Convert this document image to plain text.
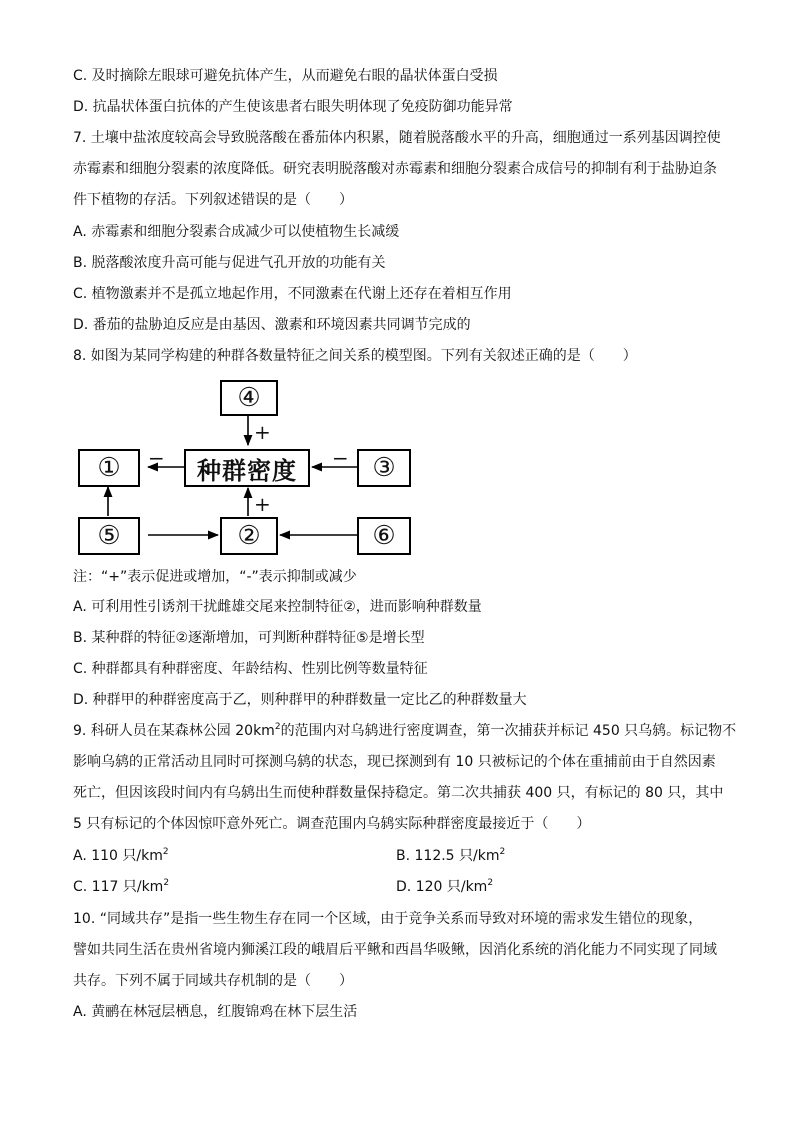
C. 及时摘除左眼球可避免抗体产生，从而避免右眼的晶状体蛋白受损
D. 抗晶状体蛋白抗体的产生使该患者右眼失明体现了免疫防御功能异常
7. 土壤中盐浓度较高会导致脱落酸在番茄体内积累，随着脱落酸水平的升高，细胞通过一系列基因调控使
赤霉素和细胞分裂素的浓度降低。研究表明脱落酸对赤霉素和细胞分裂素合成信号的抑制有利于盐胁迫条
件下植物的存活。下列叙述错误的是（　　）
A. 赤霉素和细胞分裂素合成减少可以使植物生长减缓
B. 脱落酸浓度升高可能与促进气孔开放的功能有关
C. 植物激素并不是孤立地起作用，不同激素在代谢上还存在着相互作用
D. 番茄的盐胁迫反应是由基因、激素和环境因素共同调节完成的
8. 如图为某同学构建的种群各数量特征之间关系的模型图。下列有关叙述正确的是（　　）
④
①	种群密度	③
⑤	②	⑥
+
−	−
+
注：“+”表示促进或增加，“-”表示抑制或减少
A. 可利用性引诱剂干扰雌雄交尾来控制特征②，进而影响种群数量
B. 某种群的特征②逐渐增加，可判断种群特征⑤是增长型
C. 种群都具有种群密度、年龄结构、性别比例等数量特征
D. 种群甲的种群密度高于乙，则种群甲的种群数量一定比乙的种群数量大
9. 科研人员在某森林公园 $20km^2$的范围内对乌鸫进行密度调查，第一次捕获并标记 450 只乌鸫。标记物不
影响乌鸫的正常活动且同时可探测乌鸫的状态，现已探测到有 10 只被标记的个体在重捕前由于自然因素
死亡，但因该段时间内有乌鸫出生而使种群数量保持稳定。第二次共捕获 400 只，有标记的 80 只，其中
5 只有标记的个体因惊吓意外死亡。调查范围内乌鸫实际种群密度最接近于（　　）
A. 110 只$/km^2$	B. 112.5 只$/km^2$
C. 117 只$/km^2$	D. 120 只$/km^2$
10. “同域共存”是指一些生物生存在同一个区域，由于竞争关系而导致对环境的需求发生错位的现象，
譬如共同生活在贵州省境内狮溪江段的峨眉后平鳅和西昌华吸鳅，因消化系统的消化能力不同实现了同域
共存。下列不属于同域共存机制的是（　　）
A. 黄鹂在林冠层栖息，红腹锦鸡在林下层生活
